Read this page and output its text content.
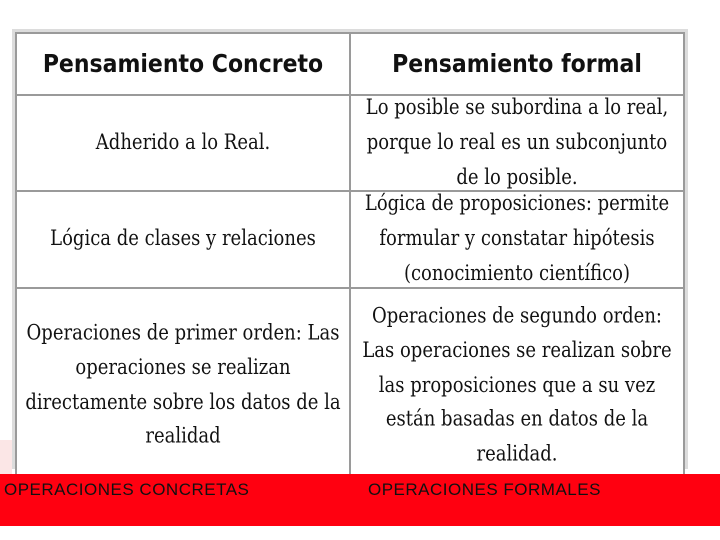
Pensamiento Concreto	Pensamiento formal
Adherido a lo Real.	Lo posible se subordina a lo real, porque lo real es un subconjunto de lo posible.
Lógica de clases y relaciones	Lógica de proposiciones: permite formular y constatar hipótesis (conocimiento científico)
Operaciones de primer orden: Las operaciones se realizan directamente sobre los datos de la realidad	Operaciones de segundo orden: Las operaciones se realizan sobre las proposiciones que a su vez están basadas en datos de la realidad.
OPERACIONES CONCRETAS	OPERACIONES FORMALES
